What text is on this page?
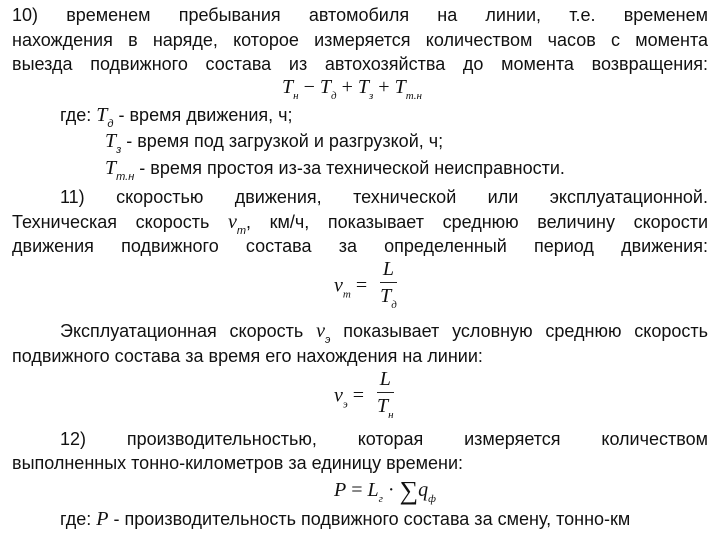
10) временем пребывания автомобиля на линии, т.е. временем
нахождения в наряде, которое измеряется количеством часов с момента
выезда подвижного состава из автохозяйства до момента возвращения:
$T_н - T_д + T_з + T_{т.н}$
где: $T_д$ - время движения, ч;
$T_з$ - время под загрузкой и разгрузкой, ч;
$T_{т.н}$ - время простоя из-за технической неисправности.
11) скоростью движения, технической или эксплуатационной.
Техническая скорость $v_т$, км/ч, показывает среднюю величину скорости
движения подвижного состава за определенный период движения:
$v_т = \frac{L}{T_д}$
Эксплуатационная скорость $v_э$ показывает условную среднюю скорость
подвижного состава за время его нахождения на линии:
$v_э = \frac{L}{T_н}$
12) производительностью, которая измеряется количеством
выполненных тонно-километров за единицу времени:
$P = L_г \cdot \sum q_ф$
где: P - производительность подвижного состава за смену, тонно-км
